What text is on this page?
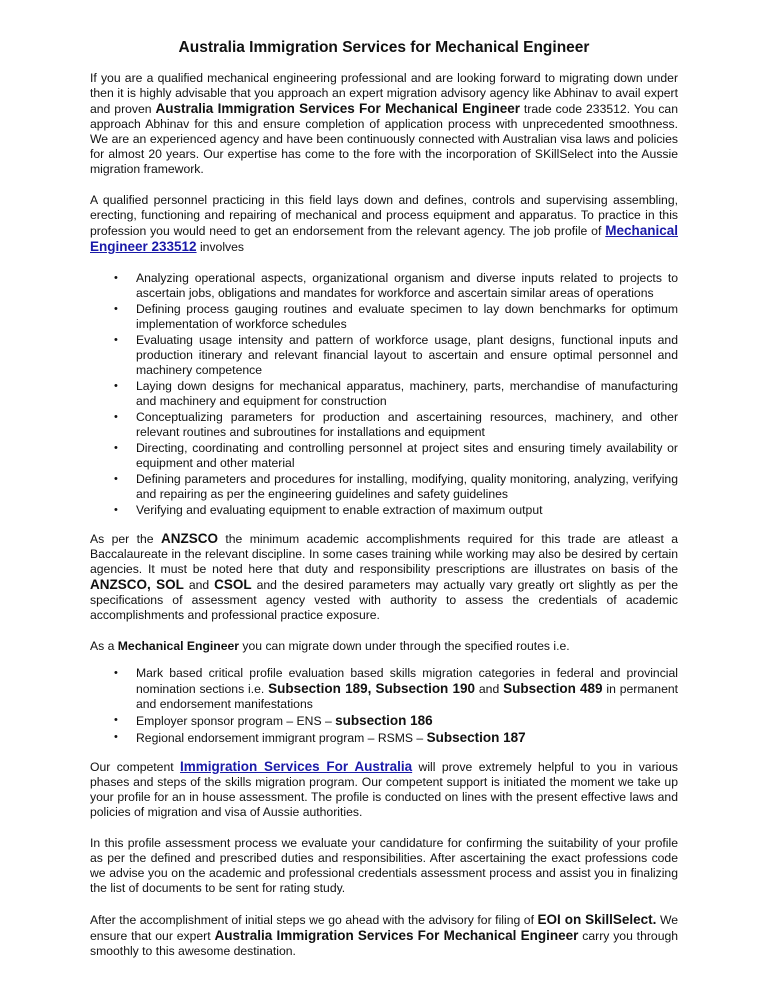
Australia Immigration Services for Mechanical Engineer

If you are a qualified mechanical engineering professional and are looking forward to migrating down under then it is highly advisable that you approach an expert migration advisory agency like Abhinav to avail expert and proven Australia Immigration Services For Mechanical Engineer trade code 233512. You can approach Abhinav for this and ensure completion of application process with unprecedented smoothness. We are an experienced agency and have been continuously connected with Australian visa laws and policies for almost 20 years. Our expertise has come to the fore with the incorporation of SKillSelect into the Aussie migration framework.

A qualified personnel practicing in this field lays down and defines, controls and supervising assembling, erecting, functioning and repairing of mechanical and process equipment and apparatus. To practice in this profession you would need to get an endorsement from the relevant agency. The job profile of Mechanical Engineer 233512 involves

• Analyzing operational aspects, organizational organism and diverse inputs related to projects to ascertain jobs, obligations and mandates for workforce and ascertain similar areas of operations
• Defining process gauging routines and evaluate specimen to lay down benchmarks for optimum implementation of workforce schedules
• Evaluating usage intensity and pattern of workforce usage, plant designs, functional inputs and production itinerary and relevant financial layout to ascertain and ensure optimal personnel and machinery competence
• Laying down designs for mechanical apparatus, machinery, parts, merchandise of manufacturing and machinery and equipment for construction
• Conceptualizing parameters for production and ascertaining resources, machinery, and other relevant routines and subroutines for installations and equipment
• Directing, coordinating and controlling personnel at project sites and ensuring timely availability or equipment and other material
• Defining parameters and procedures for installing, modifying, quality monitoring, analyzing, verifying and repairing as per the engineering guidelines and safety guidelines
• Verifying and evaluating equipment to enable extraction of maximum output

As per the ANZSCO the minimum academic accomplishments required for this trade are atleast a Baccalaureate in the relevant discipline. In some cases training while working may also be desired by certain agencies. It must be noted here that duty and responsibility prescriptions are illustrates on basis of the ANZSCO, SOL and CSOL and the desired parameters may actually vary greatly ort slightly as per the specifications of assessment agency vested with authority to assess the credentials of academic accomplishments and professional practice exposure.

As a Mechanical Engineer you can migrate down under through the specified routes i.e.

• Mark based critical profile evaluation based skills migration categories in federal and provincial nomination sections i.e. Subsection 189, Subsection 190 and Subsection 489 in permanent and endorsement manifestations
• Employer sponsor program – ENS – subsection 186
• Regional endorsement immigrant program – RSMS – Subsection 187

Our competent Immigration Services For Australia will prove extremely helpful to you in various phases and steps of the skills migration program. Our competent support is initiated the moment we take up your profile for an in house assessment. The profile is conducted on lines with the present effective laws and policies of migration and visa of Aussie authorities.

In this profile assessment process we evaluate your candidature for confirming the suitability of your profile as per the defined and prescribed duties and responsibilities. After ascertaining the exact professions code we advise you on the academic and professional credentials assessment process and assist you in finalizing the list of documents to be sent for rating study.

After the accomplishment of initial steps we go ahead with the advisory for filing of EOI on SkillSelect. We ensure that our expert Australia Immigration Services For Mechanical Engineer carry you through smoothly to this awesome destination.
